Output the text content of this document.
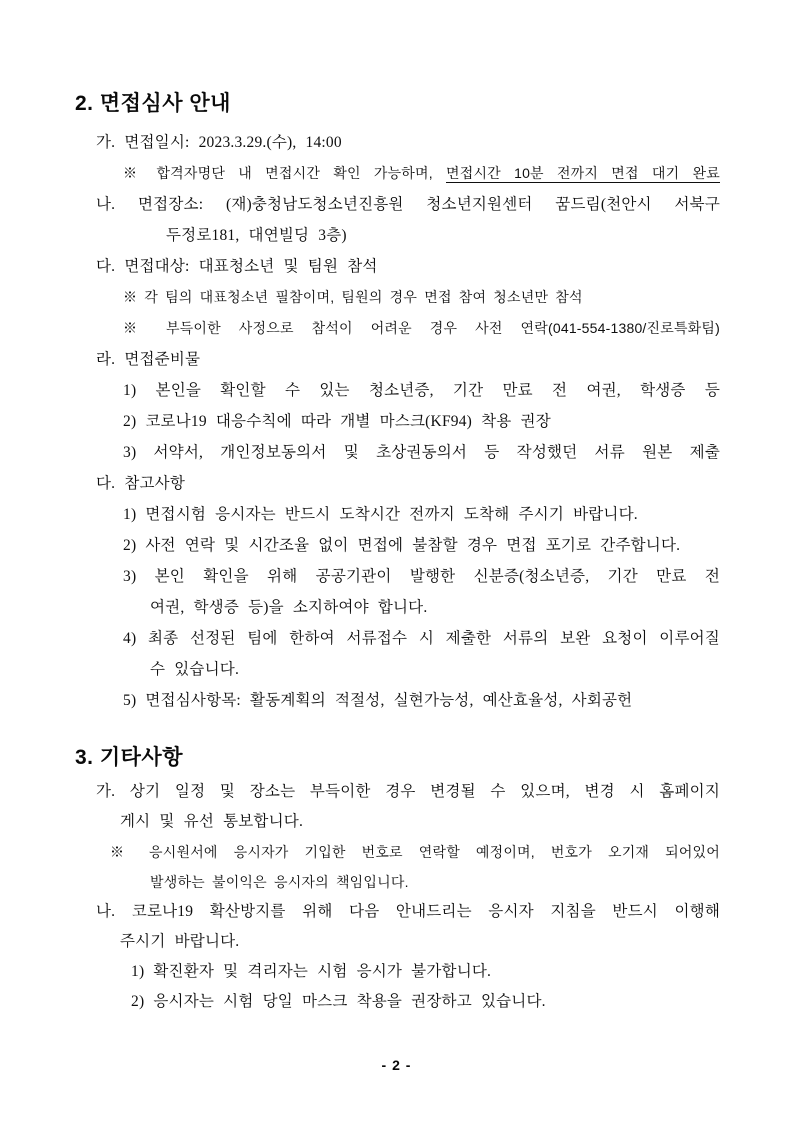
2. 면접심사 안내
가. 면접일시: 2023.3.29.(수), 14:00
※ 합격자명단 내 면접시간 확인 가능하며, 면접시간 10분 전까지 면접 대기 완료
나. 면접장소: (재)충청남도청소년진흥원 청소년지원센터 꿈드림(천안시 서북구
두정로181, 대연빌딩 3층)
다. 면접대상: 대표청소년 및 팀원 참석
※ 각 팀의 대표청소년 필참이며, 팀원의 경우 면접 참여 청소년만 참석
※ 부득이한 사정으로 참석이 어려운 경우 사전 연락(041-554-1380/진로특화팀)
라. 면접준비물
1) 본인을 확인할 수 있는 청소년증, 기간 만료 전 여권, 학생증 등
2) 코로나19 대응수칙에 따라 개별 마스크(KF94) 착용 권장
3) 서약서, 개인정보동의서 및 초상권동의서 등 작성했던 서류 원본 제출
다. 참고사항
1) 면접시험 응시자는 반드시 도착시간 전까지 도착해 주시기 바랍니다.
2) 사전 연락 및 시간조율 없이 면접에 불참할 경우 면접 포기로 간주합니다.
3) 본인 확인을 위해 공공기관이 발행한 신분증(청소년증, 기간 만료 전
여권, 학생증 등)을 소지하여야 합니다.
4) 최종 선정된 팀에 한하여 서류접수 시 제출한 서류의 보완 요청이 이루어질
수 있습니다.
5) 면접심사항목: 활동계획의 적절성, 실현가능성, 예산효율성, 사회공헌
3. 기타사항
가. 상기 일정 및 장소는 부득이한 경우 변경될 수 있으며, 변경 시 홈페이지
게시 및 유선 통보합니다.
※ 응시원서에 응시자가 기입한 번호로 연락할 예정이며, 번호가 오기재 되어있어
발생하는 불이익은 응시자의 책임입니다.
나. 코로나19 확산방지를 위해 다음 안내드리는 응시자 지침을 반드시 이행해
주시기 바랍니다.
1) 확진환자 및 격리자는 시험 응시가 불가합니다.
2) 응시자는 시험 당일 마스크 착용을 권장하고 있습니다.
- 2 -
